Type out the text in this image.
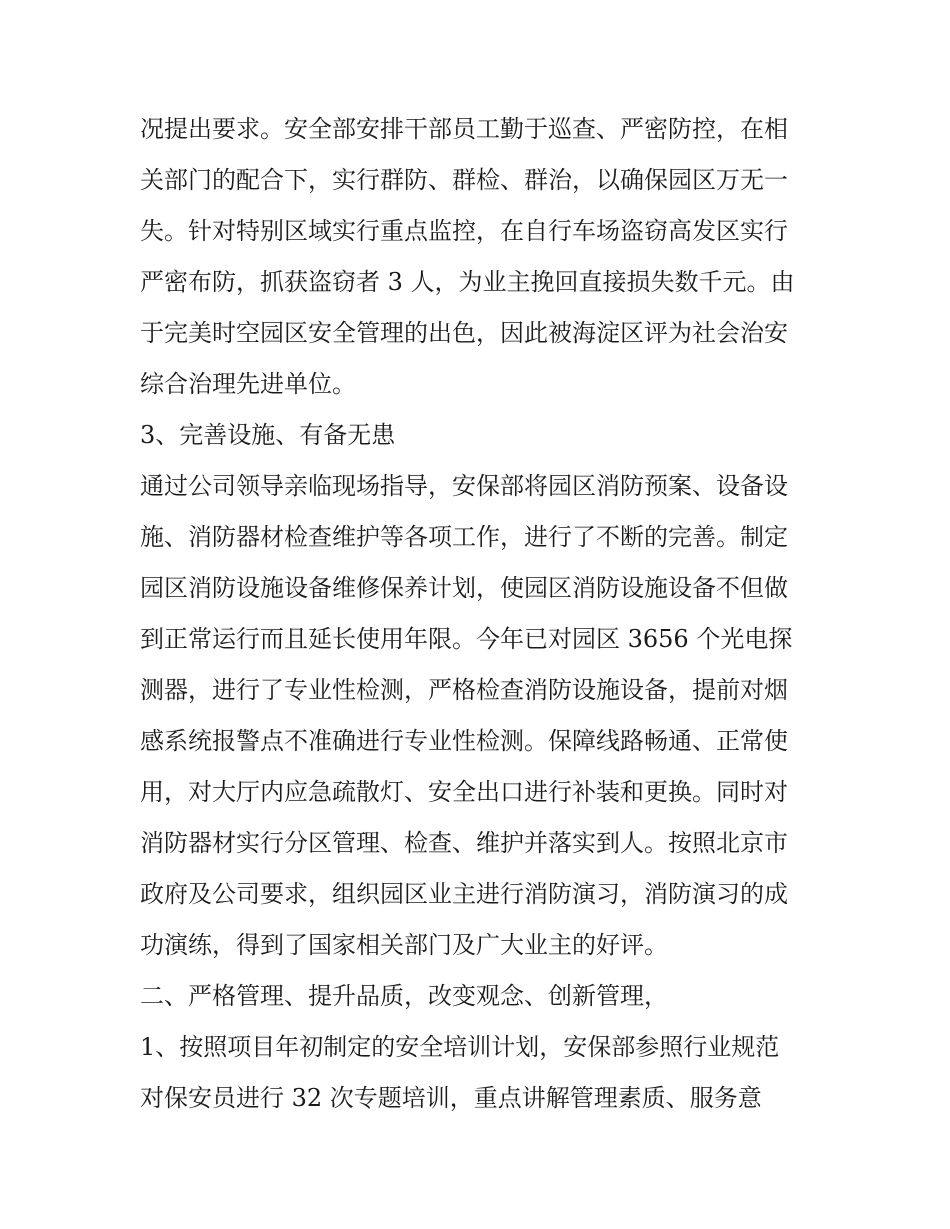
况提出要求。安全部安排干部员工勤于巡查、严密防控，在相
关部门的配合下，实行群防、群检、群治，以确保园区万无一
失。针对特别区域实行重点监控，在自行车场盗窃高发区实行
严密布防，抓获盗窃者 3 人，为业主挽回直接损失数千元。由
于完美时空园区安全管理的出色，因此被海淀区评为社会治安
综合治理先进单位。
3、完善设施、有备无患
通过公司领导亲临现场指导，安保部将园区消防预案、设备设
施、消防器材检查维护等各项工作，进行了不断的完善。制定
园区消防设施设备维修保养计划，使园区消防设施设备不但做
到正常运行而且延长使用年限。今年已对园区 3656 个光电探
测器，进行了专业性检测，严格检查消防设施设备，提前对烟
感系统报警点不准确进行专业性检测。保障线路畅通、正常使
用，对大厅内应急疏散灯、安全出口进行补装和更换。同时对
消防器材实行分区管理、检查、维护并落实到人。按照北京市
政府及公司要求，组织园区业主进行消防演习，消防演习的成
功演练，得到了国家相关部门及广大业主的好评。
二、严格管理、提升品质，改变观念、创新管理，
1、按照项目年初制定的安全培训计划，安保部参照行业规范
对保安员进行 32 次专题培训，重点讲解管理素质、服务意
